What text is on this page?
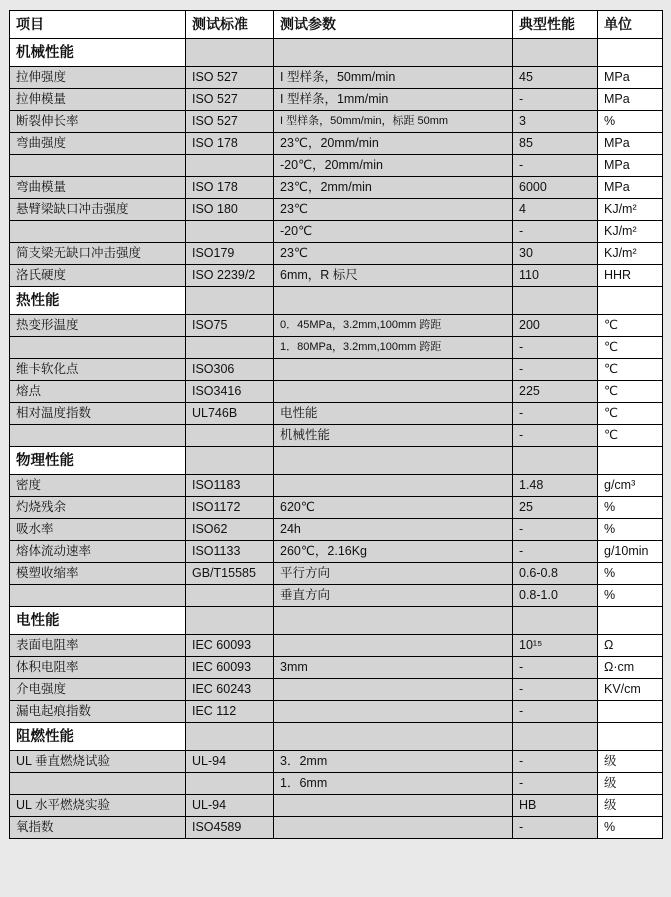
项目	测试标准	测试参数	典型性能	单位

机械性能				

拉伸强度	ISO 527	I 型样条，50mm/min	45	MPa

拉伸模量	ISO 527	I 型样条，1mm/min	-	MPa

断裂伸长率	ISO 527	I 型样条，50mm/min，标距 50mm	3	%

弯曲强度	ISO 178	23℃，20mm/min	85	MPa

		-20℃，20mm/min	-	MPa

弯曲模量	ISO 178	23℃，2mm/min	6000	MPa

悬臂梁缺口冲击强度	ISO 180	23℃	4	KJ/m²

		-20℃	-	KJ/m²

简支梁无缺口冲击强度	ISO179	23℃	30	KJ/m²

洛氏硬度	ISO 2239/2	6mm，R 标尺	110	HHR

热性能				

热变形温度	ISO75	0．45MPa，3.2mm,100mm 跨距	200	℃

		1．80MPa，3.2mm,100mm 跨距	-	℃

维卡软化点	ISO306		-	℃

熔点	ISO3416		225	℃

相对温度指数	UL746B	电性能	-	℃

		机械性能	-	℃

物理性能				

密度	ISO1183		1.48	g/cm³

灼烧残余	ISO1172	620℃	25	%

吸水率	ISO62	24h	-	%

熔体流动速率	ISO1133	260℃，2.16Kg	-	g/10min

模塑收缩率	GB/T15585	平行方向	0.6-0.8	%

		垂直方向	0.8-1.0	%

电性能				

表面电阻率	IEC 60093		10¹⁵	Ω

体积电阻率	IEC 60093	3mm	-	Ω·cm

介电强度	IEC 60243		-	KV/cm

漏电起痕指数	IEC 112		-	

阻燃性能				

UL 垂直燃烧试验	UL-94	3．2mm	-	级

		1．6mm	-	级

UL 水平燃烧实验	UL-94		HB	级

氧指数	ISO4589		-	%
